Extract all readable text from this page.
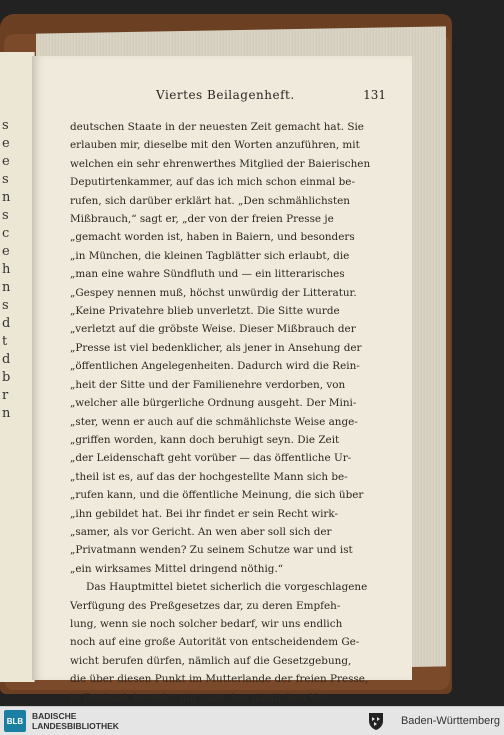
s
e
e
s
n
s
c
e
h
n
s
d
t
d
b
r
n
Viertes Beilagenheft.	131
deutschen Staate in der neuesten Zeit gemacht hat. Sie
erlauben mir, dieselbe mit den Worten anzuführen, mit
welchen ein sehr ehrenwerthes Mitglied der Baierischen
Deputirtenkammer, auf das ich mich schon einmal be-
rufen, sich darüber erklärt hat. „Den schmählichsten
Mißbrauch,“ sagt er, „der von der freien Presse je
„gemacht worden ist, haben in Baiern, und besonders
„in München, die kleinen Tagblätter sich erlaubt, die
„man eine wahre Sündfluth und — ein litterarisches
„Gespey nennen muß, höchst unwürdig der Litteratur.
„Keine Privatehre blieb unverletzt. Die Sitte wurde
„verletzt auf die gröbste Weise. Dieser Mißbrauch der
„Presse ist viel bedenklicher, als jener in Ansehung der
„öffentlichen Angelegenheiten. Dadurch wird die Rein-
„heit der Sitte und der Familienehre verdorben, von
„welcher alle bürgerliche Ordnung ausgeht. Der Mini-
„ster, wenn er auch auf die schmählichste Weise ange-
„griffen worden, kann doch beruhigt seyn. Die Zeit
„der Leidenschaft geht vorüber — das öffentliche Ur-
„theil ist es, auf das der hochgestellte Mann sich be-
„rufen kann, und die öffentliche Meinung, die sich über
„ihn gebildet hat. Bei ihr findet er sein Recht wirk-
„samer, als vor Gericht. An wen aber soll sich der
„Privatmann wenden? Zu seinem Schutze war und ist
„ein wirksames Mittel dringend nöthig.“
Das Hauptmittel bietet sicherlich die vorgeschlagene
Verfügung des Preßgesetzes dar, zu deren Empfeh-
lung, wenn sie noch solcher bedarf, wir uns endlich
noch auf eine große Autorität von entscheidendem Ge-
wicht berufen dürfen, nämlich auf die Gesetzgebung,
die über diesen Punkt im Mutterlande der freien Presse,
in England, besteht, mit ganz den nämlichen Ver-
BLB	BADISCHE
LANDESBIBLIOTHEK	Baden-Württemberg
